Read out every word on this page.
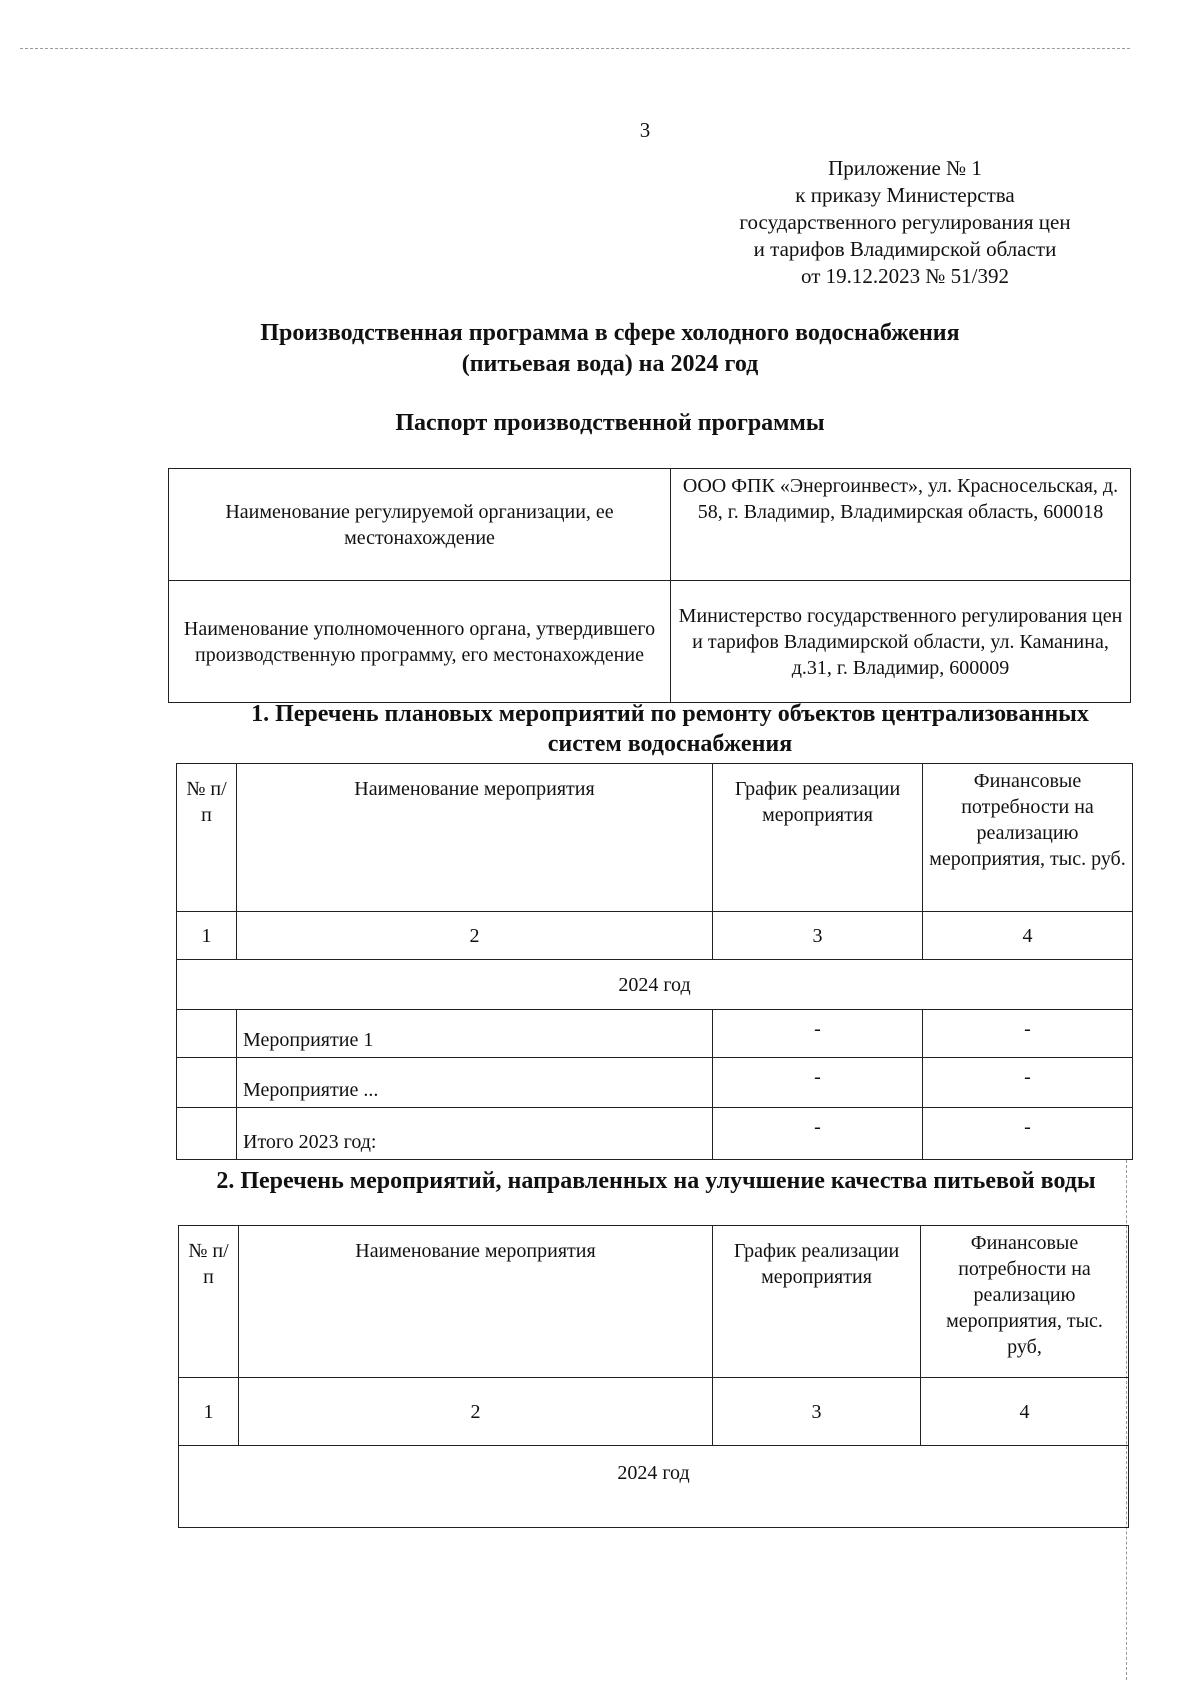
3
Приложение № 1
к приказу Министерства
государственного регулирования цен
и тарифов Владимирской области
от 19.12.2023 № 51/392
Производственная программа в сфере холодного водоснабжения
(питьевая вода) на 2024 год
Паспорт производственной программы
Наименование регулируемой организации, ее местонахождение	ООО ФПК «Энергоинвест», ул. Красносельская, д. 58, г. Владимир, Владимирская область, 600018
Наименование уполномоченного органа, утвердившего производственную программу, его местонахождение	Министерство государственного регулирования цен и тарифов Владимирской области, ул. Каманина, д.31, г. Владимир, 600009
1. Перечень плановых мероприятий по ремонту объектов централизованных систем водоснабжения
№ п/п	Наименование мероприятия	График реализации мероприятия	Финансовые потребности на реализацию мероприятия, тыс. руб.
1	2	3	4
2024 год			
	Мероприятие 1	-	-
	Мероприятие ...	-	-
	Итого 2023 год:	-	-
2. Перечень мероприятий, направленных на улучшение качества питьевой воды
№ п/п	Наименование мероприятия	График реализации мероприятия	Финансовые потребности на реализацию мероприятия, тыс. руб,
1	2	3	4
2024 год			
